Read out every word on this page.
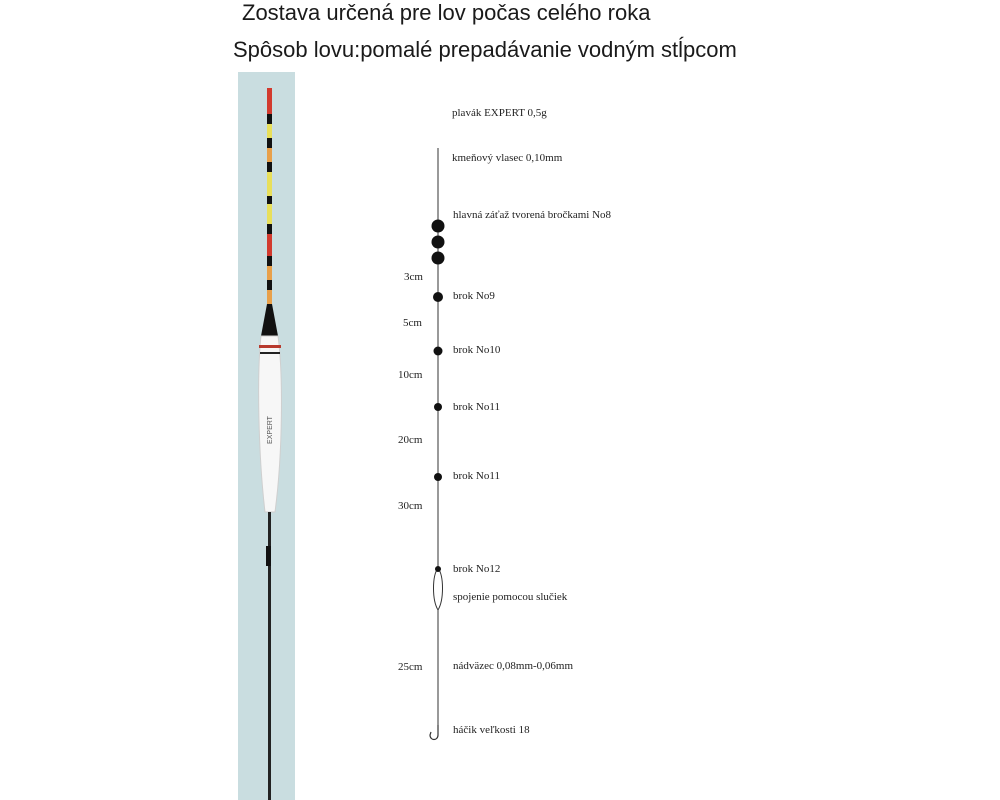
Zostava určená pre lov počas celého roka
Spôsob lovu:pomalé prepadávanie vodným stĺpcom
EXPERT
plavák EXPERT 0,5g
kmeňový vlasec 0,10mm
hlavná záťaž tvorená bročkami No8
brok No9
brok No10
brok No11
brok No11
brok No12
spojenie pomocou slučiek
nádväzec 0,08mm-0,06mm
háčik veľkosti 18
3cm
5cm
10cm
20cm
30cm
25cm
